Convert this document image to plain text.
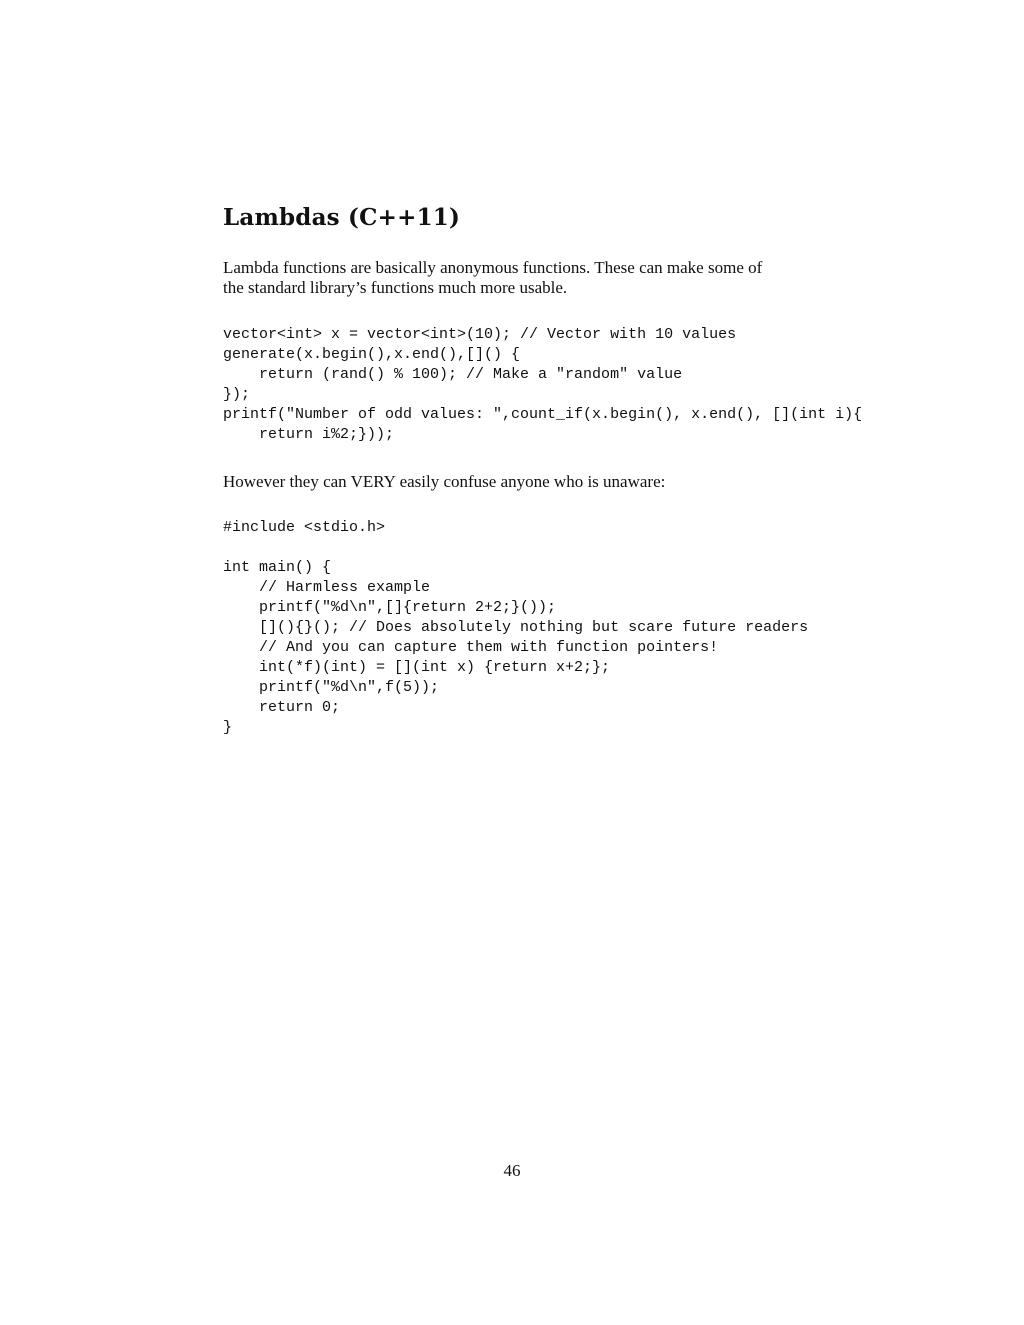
Lambdas (C++11)
Lambda functions are basically anonymous functions. These can make some of
the standard library’s functions much more usable.
vector<int> x = vector<int>(10); // Vector with 10 values
generate(x.begin(),x.end(),[]() {
return (rand() % 100); // Make a "random" value
});
printf("Number of odd values: ",count_if(x.begin(), x.end(), [](int i){
return i%2;}));

However they can VERY easily confuse anyone who is unaware:

#include <stdio.h>
int main() {
// Harmless example
printf("%d\n",[]{return 2+2;}());
[](){}(); // Does absolutely nothing but scare future readers
// And you can capture them with function pointers!
int(*f)(int) = [](int x) {return x+2;};
printf("%d\n",f(5));
return 0;
}
46
